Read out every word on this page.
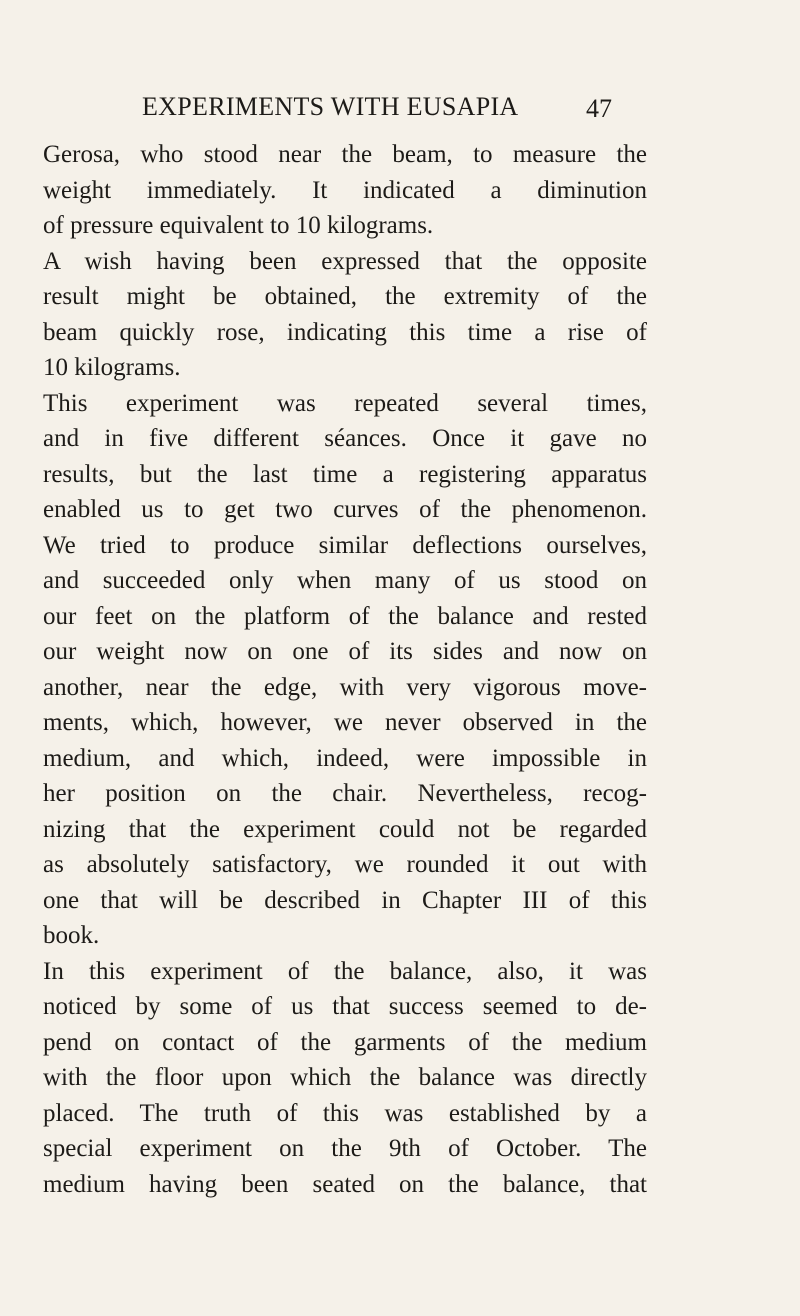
EXPERIMENTS WITH EUSAPIA	47
Gerosa, who stood near the beam, to measure the
weight immediately. It indicated a diminution
of pressure equivalent to 10 kilograms.
A wish having been expressed that the opposite
result might be obtained, the extremity of the
beam quickly rose, indicating this time a rise of
10 kilograms.
This experiment was repeated several times,
and in five different séances. Once it gave no
results, but the last time a registering apparatus
enabled us to get two curves of the phenomenon.
We tried to produce similar deflections ourselves,
and succeeded only when many of us stood on
our feet on the platform of the balance and rested
our weight now on one of its sides and now on
another, near the edge, with very vigorous move-
ments, which, however, we never observed in the
medium, and which, indeed, were impossible in
her position on the chair. Nevertheless, recog-
nizing that the experiment could not be regarded
as absolutely satisfactory, we rounded it out with
one that will be described in Chapter III of this
book.
In this experiment of the balance, also, it was
noticed by some of us that success seemed to de-
pend on contact of the garments of the medium
with the floor upon which the balance was directly
placed. The truth of this was established by a
special experiment on the 9th of October. The
medium having been seated on the balance, that
